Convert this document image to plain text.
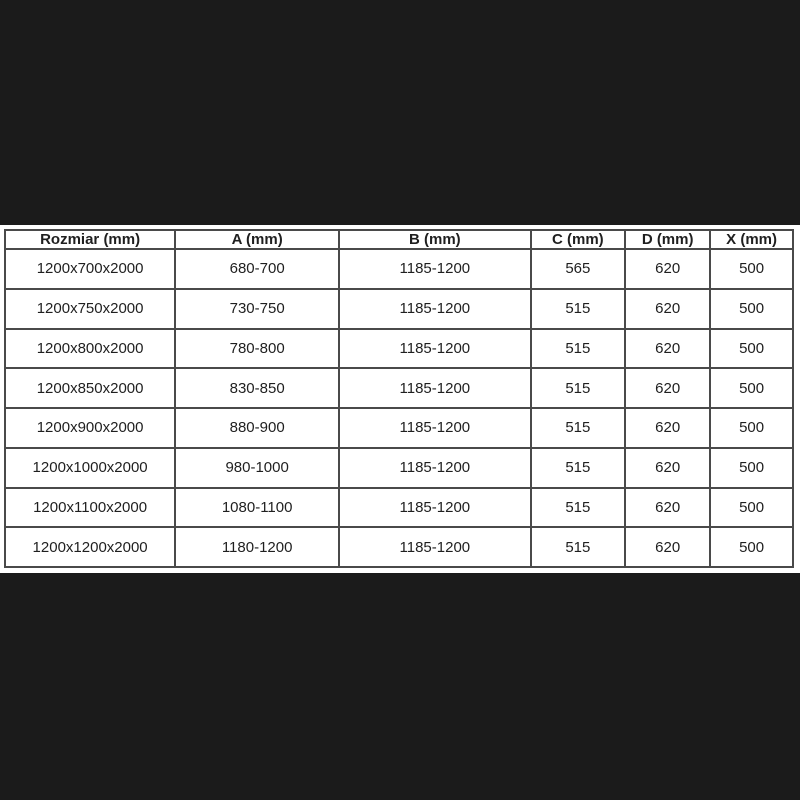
Rozmiar (mm)	A (mm)	B (mm)	C (mm)	D (mm)	X (mm)
1200x700x2000	680-700	1185-1200	565	620	500
1200x750x2000	730-750	1185-1200	515	620	500
1200x800x2000	780-800	1185-1200	515	620	500
1200x850x2000	830-850	1185-1200	515	620	500
1200x900x2000	880-900	1185-1200	515	620	500
1200x1000x2000	980-1000	1185-1200	515	620	500
1200x1100x2000	1080-1100	1185-1200	515	620	500
1200x1200x2000	1180-1200	1185-1200	515	620	500
